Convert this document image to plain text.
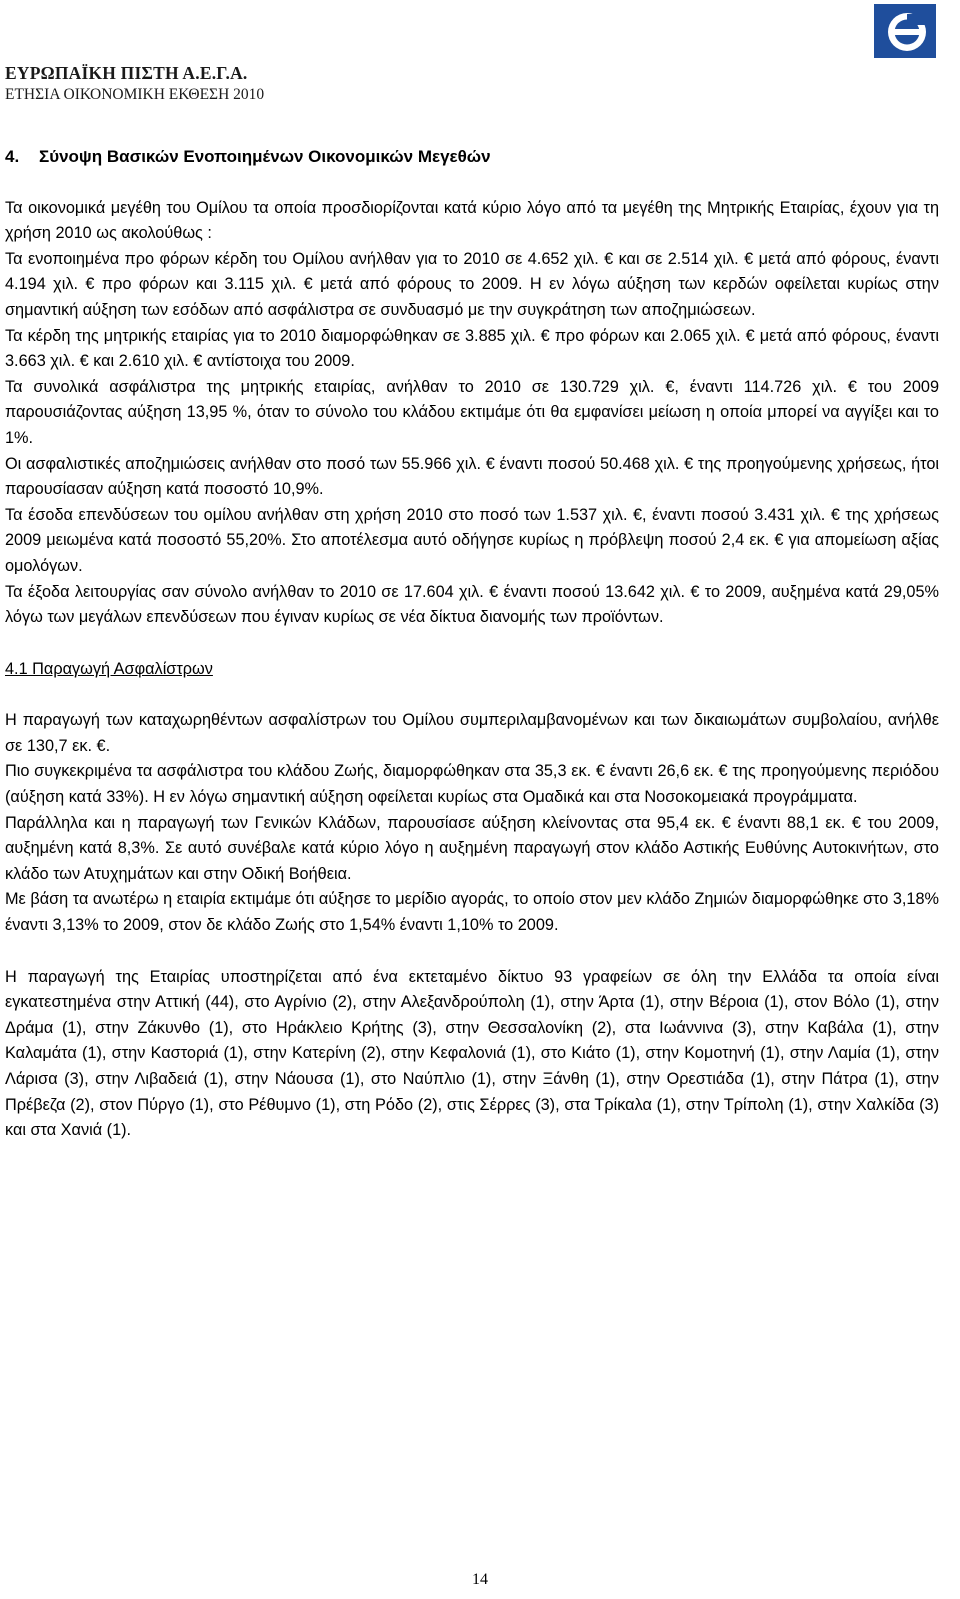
ΕΥΡΩΠΑΪΚΗ ΠΙΣΤΗ Α.Ε.Γ.Α.
ΕΤΗΣΙΑ ΟΙΚΟΝΟΜΙΚΗ ΕΚΘΕΣΗ 2010
4. Σύνοψη Βασικών Ενοποιημένων Οικονομικών Μεγεθών

Τα οικονομικά μεγέθη του Ομίλου τα οποία προσδιορίζονται κατά κύριο λόγο από τα μεγέθη της Μητρικής Εταιρίας, έχουν για τη χρήση 2010 ως ακολούθως :

Τα ενοποιημένα προ φόρων κέρδη του Ομίλου ανήλθαν για το 2010 σε 4.652 χιλ. € και σε 2.514 χιλ. € μετά από φόρους, έναντι 4.194 χιλ. € προ φόρων και 3.115 χιλ. € μετά από φόρους το 2009. Η εν λόγω αύξηση των κερδών οφείλεται κυρίως στην σημαντική αύξηση των εσόδων από ασφάλιστρα σε συνδυασμό με την συγκράτηση των αποζημιώσεων.

Τα κέρδη της μητρικής εταιρίας για το 2010 διαμορφώθηκαν σε 3.885 χιλ. € προ φόρων και 2.065 χιλ. € μετά από φόρους, έναντι 3.663 χιλ. € και 2.610 χιλ. € αντίστοιχα του 2009.

Τα συνολικά ασφάλιστρα της μητρικής εταιρίας, ανήλθαν το 2010 σε 130.729 χιλ. €, έναντι 114.726 χιλ. € του 2009 παρουσιάζοντας αύξηση 13,95 %, όταν το σύνολο του κλάδου εκτιμάμε ότι θα εμφανίσει μείωση η οποία μπορεί να αγγίξει και το 1%.

Οι ασφαλιστικές αποζημιώσεις ανήλθαν στο ποσό των 55.966 χιλ. € έναντι ποσού 50.468 χιλ. € της προηγούμενης χρήσεως, ήτοι παρουσίασαν αύξηση κατά ποσοστό 10,9%.

Τα έσοδα επενδύσεων του ομίλου ανήλθαν στη χρήση 2010 στο ποσό των 1.537 χιλ. €, έναντι ποσού 3.431 χιλ. € της χρήσεως 2009 μειωμένα κατά ποσοστό 55,20%. Στο αποτέλεσμα αυτό οδήγησε κυρίως η πρόβλεψη ποσού 2,4 εκ. € για απομείωση αξίας ομολόγων.

Τα έξοδα λειτουργίας σαν σύνολο ανήλθαν το 2010 σε 17.604 χιλ. € έναντι ποσού 13.642 χιλ. € το 2009, αυξημένα κατά 29,05% λόγω των μεγάλων επενδύσεων που έγιναν κυρίως σε νέα δίκτυα διανομής των προϊόντων.

4.1 Παραγωγή Ασφαλίστρων

Η παραγωγή των καταχωρηθέντων ασφαλίστρων του Ομίλου συμπεριλαμβανομένων και των δικαιωμάτων συμβολαίου, ανήλθε σε 130,7 εκ. €.

Πιο συγκεκριμένα τα ασφάλιστρα του κλάδου Ζωής, διαμορφώθηκαν στα 35,3 εκ. € έναντι 26,6 εκ. € της προηγούμενης περιόδου (αύξηση κατά 33%). Η εν λόγω σημαντική αύξηση οφείλεται κυρίως στα Ομαδικά και στα Νοσοκομειακά προγράμματα.

Παράλληλα και η παραγωγή των Γενικών Κλάδων, παρουσίασε αύξηση κλείνοντας στα 95,4 εκ. € έναντι 88,1 εκ. € του 2009, αυξημένη κατά 8,3%. Σε αυτό συνέβαλε κατά κύριο λόγο η αυξημένη παραγωγή στον κλάδο Αστικής Ευθύνης Αυτοκινήτων, στο κλάδο των Ατυχημάτων και στην Οδική Βοήθεια.

Με βάση τα ανωτέρω η εταιρία εκτιμάμε ότι αύξησε το μερίδιο αγοράς, το οποίο στον μεν κλάδο Ζημιών διαμορφώθηκε στο 3,18% έναντι 3,13% το 2009, στον δε κλάδο Ζωής στο 1,54% έναντι 1,10% το 2009.

Η παραγωγή της Εταιρίας υποστηρίζεται από ένα εκτεταμένο δίκτυο 93 γραφείων σε όλη την Ελλάδα τα οποία είναι εγκατεστημένα στην Αττική (44), στο Αγρίνιο (2), στην Αλεξανδρούπολη (1), στην Άρτα (1), στην Βέροια (1), στον Βόλο (1), στην Δράμα (1), στην Ζάκυνθο (1), στο Ηράκλειο Κρήτης (3), στην Θεσσαλονίκη (2), στα Ιωάννινα (3), στην Καβάλα (1), στην Καλαμάτα (1), στην Καστοριά (1), στην Κατερίνη (2), στην Κεφαλονιά (1), στο Κιάτο (1), στην Κομοτηνή (1), στην Λαμία (1), στην Λάρισα (3), στην Λιβαδειά (1), στην Νάουσα (1), στο Ναύπλιο (1), στην Ξάνθη (1), στην Ορεστιάδα (1), στην Πάτρα (1), στην Πρέβεζα (2), στον Πύργο (1), στο Ρέθυμνο (1), στη Ρόδο (2), στις Σέρρες (3), στα Τρίκαλα (1), στην Τρίπολη (1), στην Χαλκίδα (3) και στα Χανιά (1).

14
